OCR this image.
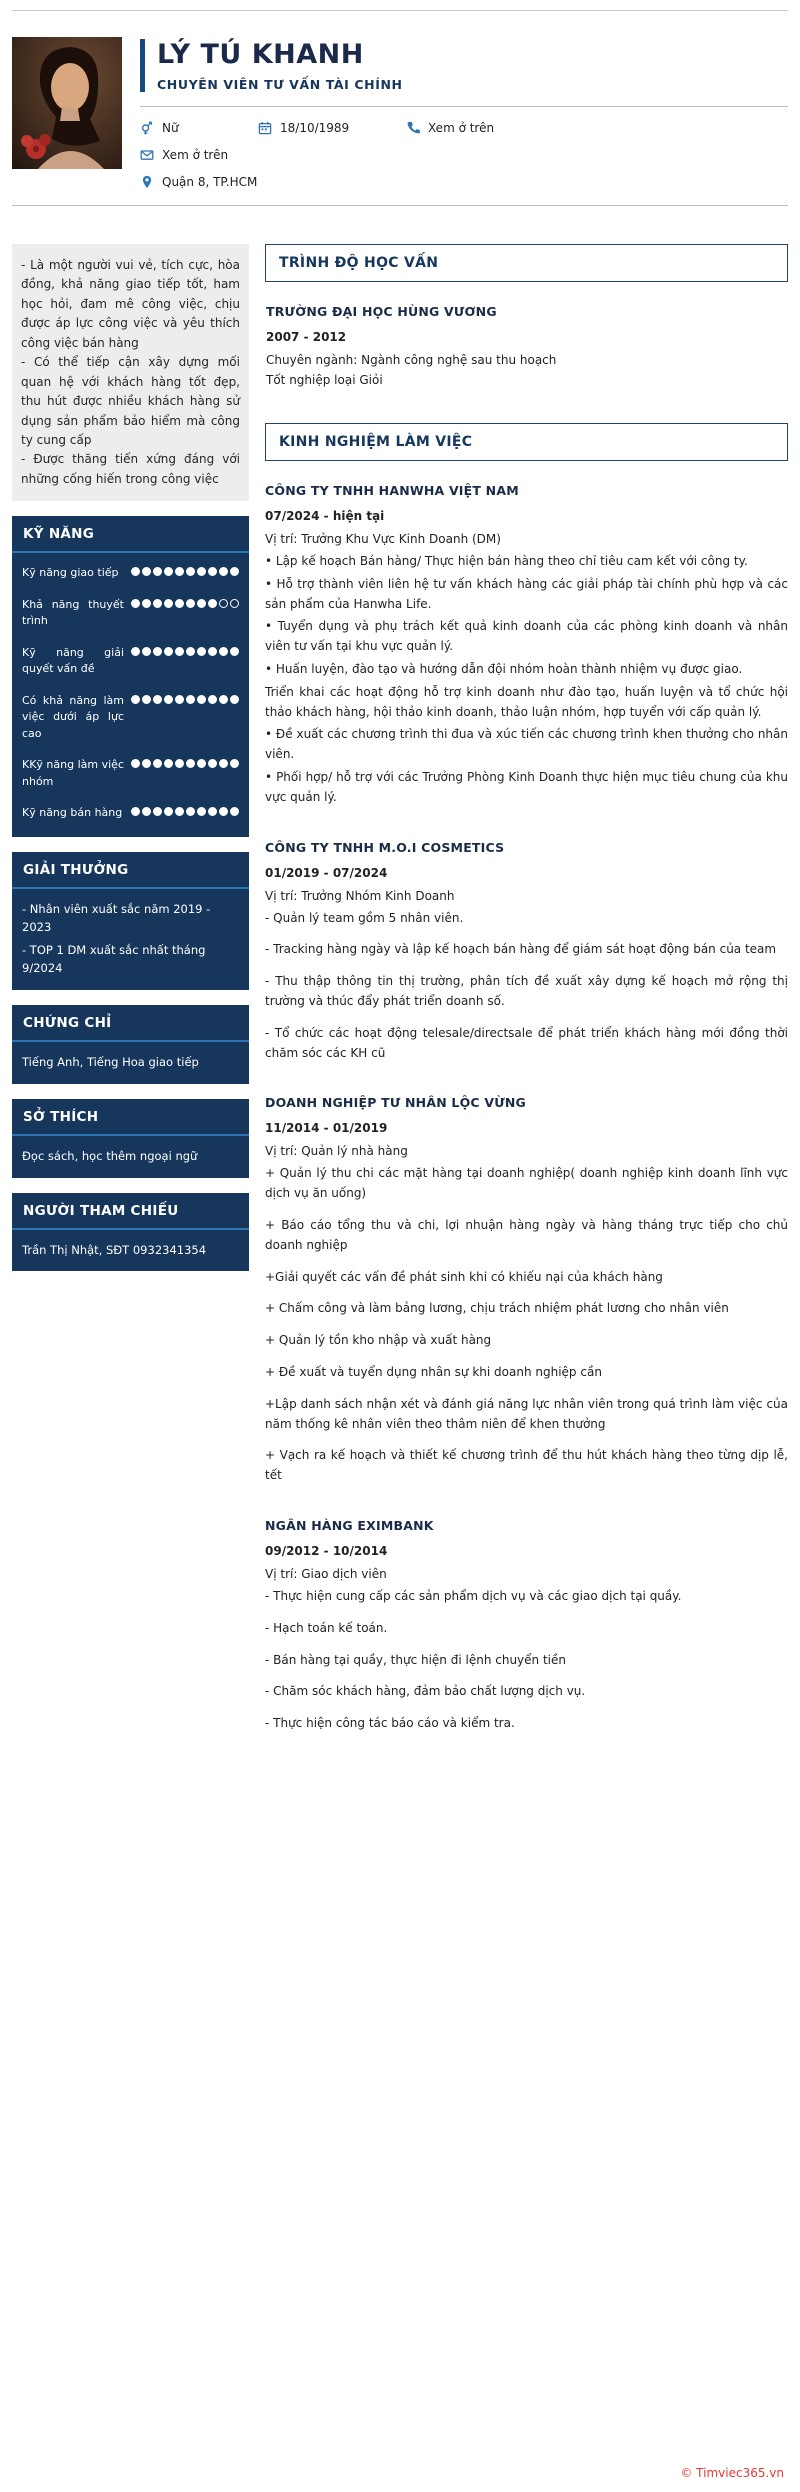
LÝ TÚ KHANH
CHUYÊN VIÊN TƯ VẤN TÀI CHÍNH
Nữ	18/10/1989	Xem ở trên
Xem ở trên
Quận 8, TP.HCM
- Là một người vui vẻ, tích cực, hòa đồng, khả năng giao tiếp tốt, ham học hỏi, đam mê công việc, chịu được áp lực công việc và yêu thích công việc bán hàng
- Có thể tiếp cận xây dựng mối quan hệ với khách hàng tốt đẹp, thu hút được nhiều khách hàng sử dụng sản phẩm bảo hiểm mà công ty cung cấp
- Được thăng tiến xứng đáng với những cống hiến trong công việc
KỸ NĂNG
Kỹ năng giao tiếp
Khả năng thuyết trình
Kỹ năng giải quyết vấn đề
Có khả năng làm việc dưới áp lực cao
KKỹ năng làm việc nhóm
Kỹ năng bán hàng
GIẢI THƯỞNG
- Nhân viên xuất sắc năm 2019 - 2023
- TOP 1 DM xuất sắc nhất tháng 9/2024
CHỨNG CHỈ
Tiếng Anh, Tiếng Hoa giao tiếp
SỞ THÍCH
Đọc sách, học thêm ngoại ngữ
NGƯỜI THAM CHIẾU
Trần Thị Nhật, SĐT 0932341354
TRÌNH ĐỘ HỌC VẤN
TRƯỜNG ĐẠI HỌC HÙNG VƯƠNG
2007 - 2012
Chuyên ngành: Ngành công nghệ sau thu hoạch
Tốt nghiệp loại Giỏi
KINH NGHIỆM LÀM VIỆC
CÔNG TY TNHH HANWHA VIỆT NAM
07/2024 - hiện tại
Vị trí: Trưởng Khu Vực Kinh Doanh (DM)
• Lập kế hoạch Bán hàng/ Thực hiện bán hàng theo chỉ tiêu cam kết với công ty.
• Hỗ trợ thành viên liên hệ tư vấn khách hàng các giải pháp tài chính phù hợp và các sản phẩm của Hanwha Life.
• Tuyển dụng và phụ trách kết quả kinh doanh của các phòng kinh doanh và nhân viên tư vấn tại khu vực quản lý.
• Huấn luyện, đào tạo và hướng dẫn đội nhóm hoàn thành nhiệm vụ được giao.
Triển khai các hoạt động hỗ trợ kinh doanh như đào tạo, huấn luyện và tổ chức hội thảo khách hàng, hội thảo kinh doanh, thảo luận nhóm, hợp tuyển với cấp quản lý.
• Đề xuất các chương trình thi đua và xúc tiến các chương trình khen thưởng cho nhân viên.
• Phối hợp/ hỗ trợ với các Trưởng Phòng Kinh Doanh thực hiện mục tiêu chung của khu vực quản lý.
CÔNG TY TNHH M.O.I COSMETICS
01/2019 - 07/2024
Vị trí: Trưởng Nhóm Kinh Doanh
- Quản lý team gồm 5 nhân viên.
- Tracking hàng ngày và lập kế hoạch bán hàng để giám sát hoạt động bán của team
- Thu thập thông tin thị trường, phân tích đề xuất xây dựng kế hoạch mở rộng thị trường và thúc đẩy phát triển doanh số.
- Tổ chức các hoạt động telesale/directsale để phát triển khách hàng mới đồng thời chăm sóc các KH cũ
DOANH NGHIỆP TƯ NHÂN LỘC VỪNG
11/2014 - 01/2019
Vị trí: Quản lý nhà hàng
+ Quản lý thu chi các mặt hàng tại doanh nghiệp( doanh nghiệp kinh doanh lĩnh vực dịch vụ ăn uống)
+ Báo cáo tổng thu và chi, lợi nhuận hàng ngày và hàng tháng trực tiếp cho chủ doanh nghiệp
+Giải quyết các vấn đề phát sinh khi có khiếu nại của khách hàng
+ Chấm công và làm bảng lương, chịu trách nhiệm phát lương cho nhân viên
+ Quản lý tồn kho nhập và xuất hàng
+ Đề xuất và tuyển dụng nhân sự khi doanh nghiệp cần
+Lập danh sách nhận xét và đánh giá năng lực nhân viên trong quá trình làm việc của năm thống kê nhân viên theo thâm niên để khen thưởng
+ Vạch ra kế hoạch và thiết kế chương trình để thu hút khách hàng theo từng dịp lễ, tết
NGÂN HÀNG EXIMBANK
09/2012 - 10/2014
Vị trí: Giao dịch viên
- Thực hiện cung cấp các sản phẩm dịch vụ và các giao dịch tại quầy.
- Hạch toán kế toán.
- Bán hàng tại quầy, thực hiện đi lệnh chuyển tiền
- Chăm sóc khách hàng, đảm bảo chất lượng dịch vụ.
- Thực hiện công tác báo cáo và kiểm tra.
© Timviec365.vn
